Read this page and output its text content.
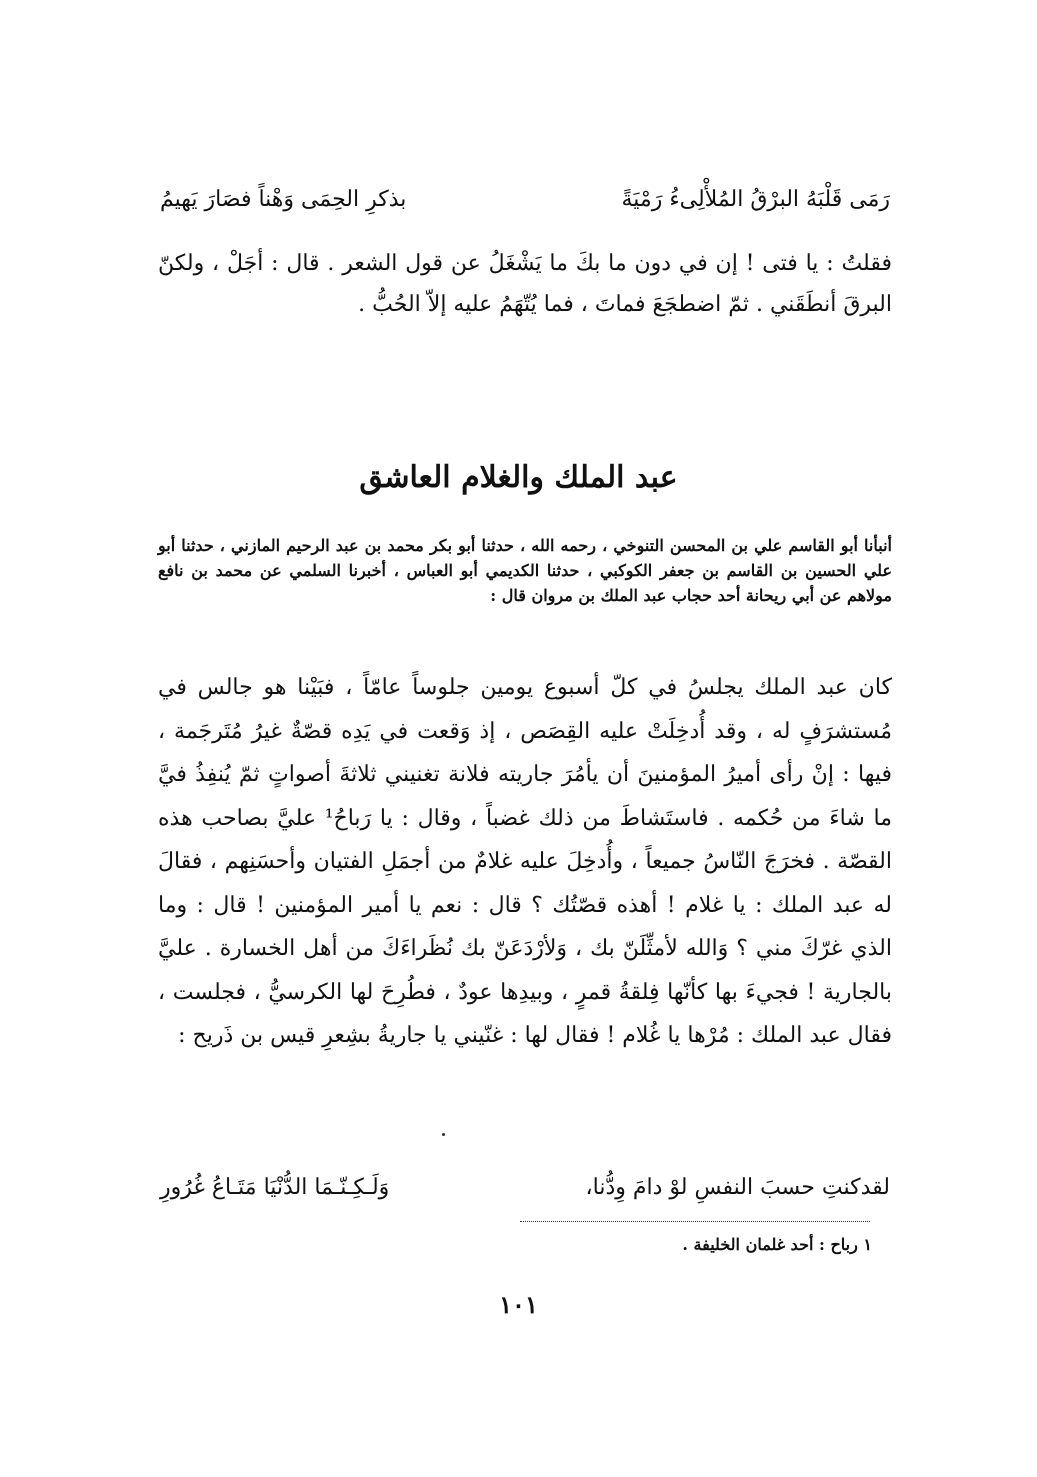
رَمَى قَلْبَهُ البرْقُ المُلأْلِىءُ رَمْيَةً
بذكرِ الحِمَى وَهْناً فصَارَ يَهيمُ

فقلتُ : يا فتى ! إن في دون ما بكَ ما يَشْغَلُ عن قول الشعر . قال : أجَلْ ، ولكنّ البرقَ أنطَقَني . ثمّ اضطجَعَ فماتَ ، فما يُتّهَمُ عليه إلاّ الحُبُّ .

عبد الملك والغلام العاشق

أنبأنا أبو القاسم علي بن المحسن التنوخي ، رحمه الله ، حدثنا أبو بكر محمد بن عبد الرحيم المازني ، حدثنا أبو علي الحسين بن القاسم بن جعفر الكوكبي ، حدثنا الكديمي أبو العباس ، أخبرنا السلمي عن محمد بن نافع مولاهم عن أبي ريحانة أحد حجاب عبد الملك بن مروان قال :

كان عبد الملك يجلسُ في كلّ أسبوع يومين جلوساً عامّاً ، فبَيْنا هو جالس في مُستشرَفٍ له ، وقد أُدخِلَتْ عليه القِصَص ، إذ وَقعت في يَدِه قصّةٌ غيرُ مُتَرجَمة ، فيها : إنْ رأى أميرُ المؤمنينَ أن يأمُرَ جاريته فلانة تغنيني ثلاثةَ أصواتٍ ثمّ يُنفِذُ فيَّ ما شاءَ من حُكمه . فاستَشاطَ من ذلك غضباً ، وقال : يا رَباحُ¹ عليَّ بصاحب هذه القصّة . فخرَجَ النّاسُ جميعاً ، وأُدخِلَ عليه غلامٌ من أجمَلِ الفتيان وأحسَنِهم ، فقالَ له عبد الملك : يا غلام ! أهذه قصّتُك ؟ قال : نعم يا أمير المؤمنين ! قال : وما الذي غرّكَ مني ؟ وَالله لأمثِّلَنّ بك ، وَلأرْدَعَنّ بك نُظَراءَكَ من أهل الخسارة . عليَّ بالجارية ! فجيءَ بها كأنّها فِلقةُ قمرٍ ، وبيدِها عودٌ ، فطُرِحَ لها الكرسيُّ ، فجلست ، فقال عبد الملك : مُرْها يا غُلام ! فقال لها : غنّيني يا جاريةُ بشِعرِ قيس بن ذَريح :

لقدكنتِ حسبَ النفسِ لوْ دامَ وِدُّنا،
وَلَـكِـنّـمَا الدُّنْيَا مَتَـاعُ غُرُورِ

١ رباح : أحد غلمان الخليفة .

١٠١
